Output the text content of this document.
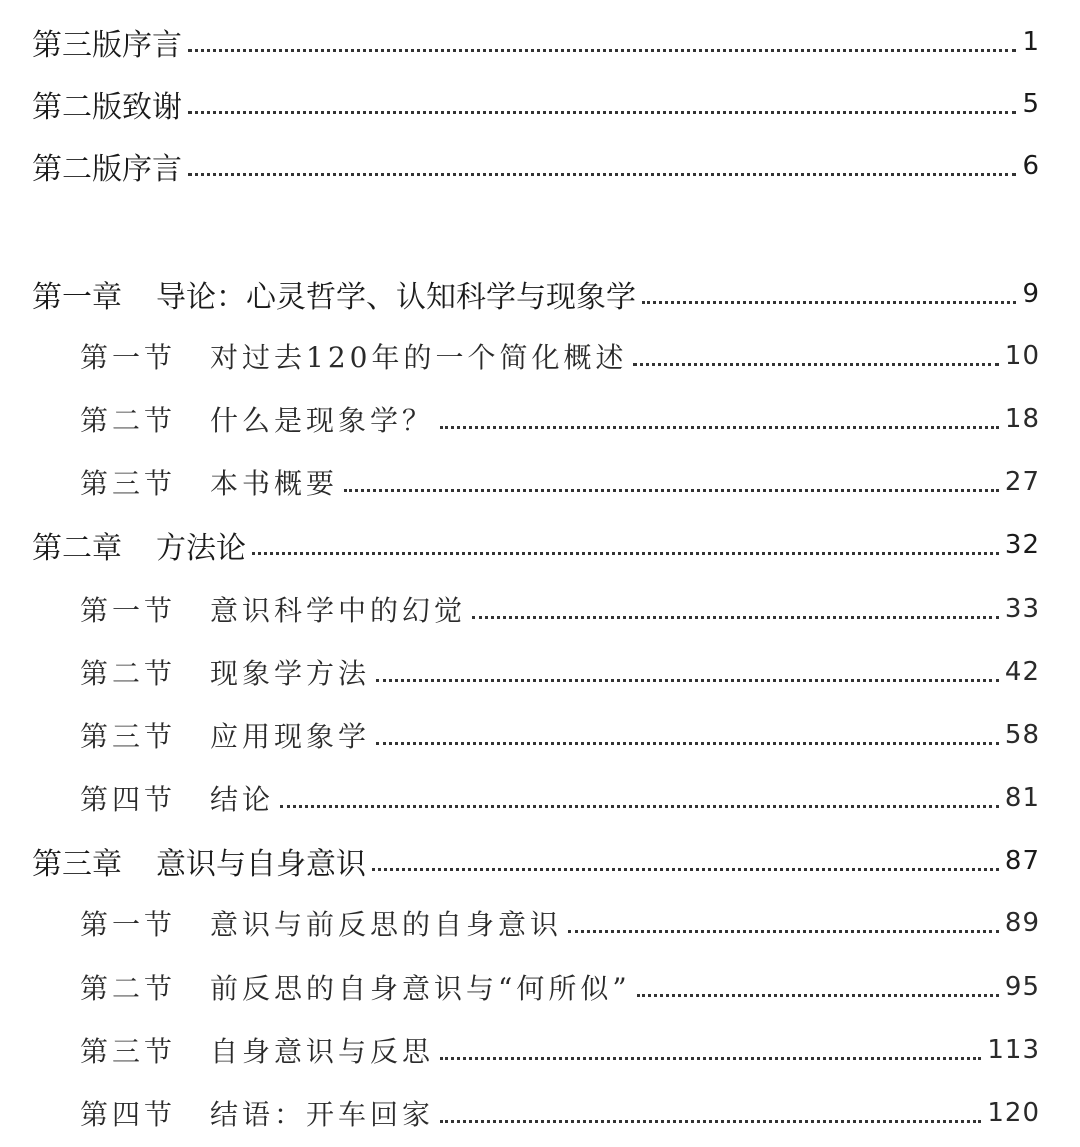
第三版序言	1
第二版致谢	5
第二版序言	6
第一章 导论：心灵哲学、认知科学与现象学	9
第一节 对过去120年的一个简化概述	10
第二节 什么是现象学？	18
第三节 本书概要	27
第二章 方法论	32
第一节 意识科学中的幻觉	33
第二节 现象学方法	42
第三节 应用现象学	58
第四节 结论	81
第三章 意识与自身意识	87
第一节 意识与前反思的自身意识	89
第二节 前反思的自身意识与“何所似”	95
第三节 自身意识与反思	113
第四节 结语：开车回家	120
